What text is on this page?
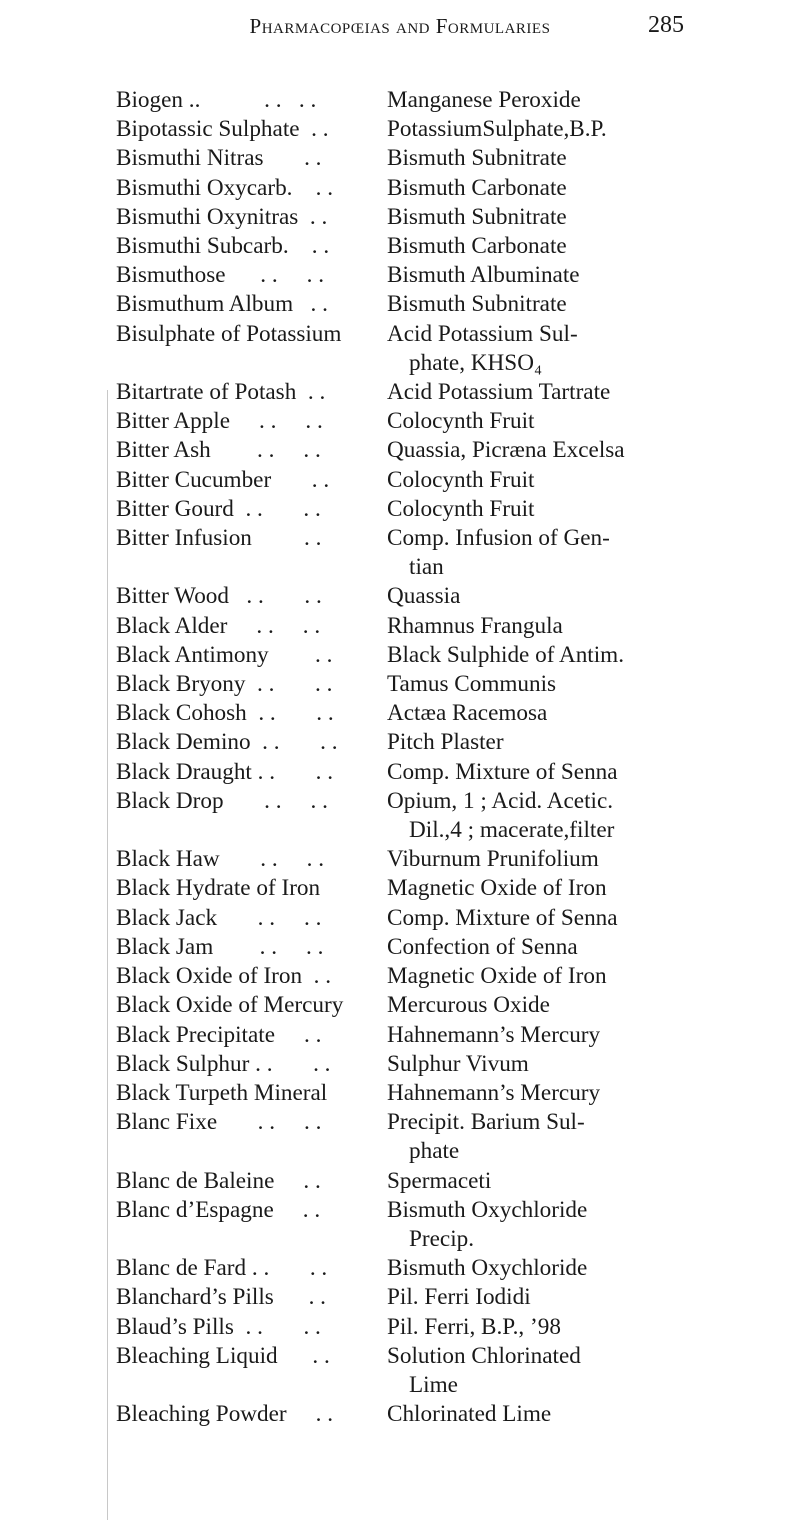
Pharmacopœias and Formularies	285
Biogen ..           . .   . .	Manganese Peroxide
Bipotassic Sulphate  . .	PotassiumSulphate,B.P.
Bismuthi Nitras       . .	Bismuth Subnitrate
Bismuthi Oxycarb.    . .	Bismuth Carbonate
Bismuthi Oxynitras  . .	Bismuth Subnitrate
Bismuthi Subcarb.    . .	Bismuth Carbonate
Bismuthose      . .     . .	Bismuth Albuminate
Bismuthum Album   . .	Bismuth Subnitrate
Bisulphate of Potassium	Acid Potassium Sul-
phate, KHSO₄
Bitartrate of Potash  . .	Acid Potassium Tartrate
Bitter Apple     . .     . .	Colocynth Fruit
Bitter Ash        . .     . .	Quassia, Picræna Excelsa
Bitter Cucumber       . .	Colocynth Fruit
Bitter Gourd  . .       . .	Colocynth Fruit
Bitter Infusion         . .	Comp. Infusion of Gen-
tian
Bitter Wood   . .       . .	Quassia
Black Alder     . .     . .	Rhamnus Frangula
Black Antimony        . .	Black Sulphide of Antim.
Black Bryony  . .       . .	Tamus Communis
Black Cohosh  . .       . .	Actæa Racemosa
Black Demino  . .       . .	Pitch Plaster
Black Draught . .       . .	Comp. Mixture of Senna
Black Drop       . .     . .	Opium, 1 ; Acid. Acetic.
Dil.,4 ; macerate,filter
Black Haw       . .     . .	Viburnum Prunifolium
Black Hydrate of Iron	Magnetic Oxide of Iron
Black Jack       . .     . .	Comp. Mixture of Senna
Black Jam        . .     . .	Confection of Senna
Black Oxide of Iron  . .	Magnetic Oxide of Iron
Black Oxide of Mercury	Mercurous Oxide
Black Precipitate     . .	Hahnemann’s Mercury
Black Sulphur . .       . .	Sulphur Vivum
Black Turpeth Mineral	Hahnemann’s Mercury
Blanc Fixe       . .     . .	Precipit. Barium Sul-
phate
Blanc de Baleine     . .	Spermaceti
Blanc d’Espagne     . .	Bismuth Oxychloride
Precip.
Blanc de Fard . .       . .	Bismuth Oxychloride
Blanchard’s Pills      . .	Pil. Ferri Iodidi
Blaud’s Pills  . .       . .	Pil. Ferri, B.P., ’98
Bleaching Liquid      . .	Solution Chlorinated
Lime
Bleaching Powder     . .	Chlorinated Lime
